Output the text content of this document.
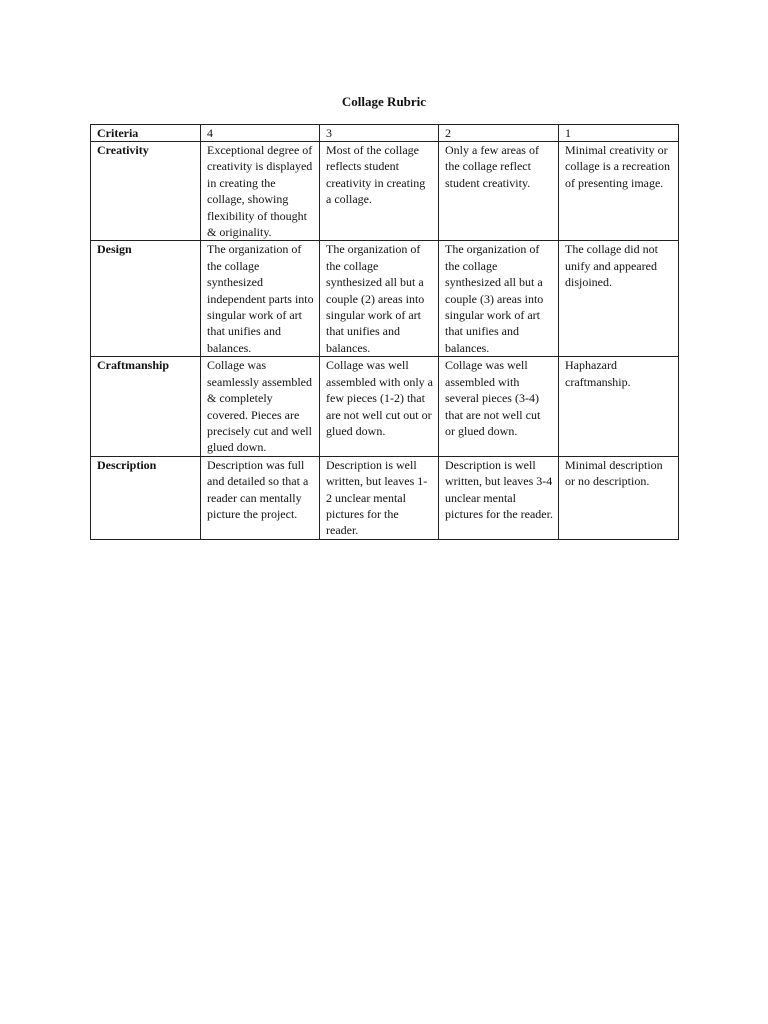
Collage Rubric
Criteria	4	3	2	1
Creativity	Exceptional degree of creativity is displayed in creating the collage, showing flexibility of thought & originality.	Most of the collage reflects student creativity in creating a collage.	Only a few areas of the collage reflect student creativity.	Minimal creativity or collage is a recreation of presenting image.
Design	The organization of the collage synthesized independent parts into singular work of art that unifies and balances.	The organization of the collage synthesized all but a couple (2) areas into singular work of art that unifies and balances.	The organization of the collage synthesized all but a couple (3) areas into singular work of art that unifies and balances.	The collage did not unify and appeared disjoined.
Craftmanship	Collage was seamlessly assembled & completely covered. Pieces are precisely cut and well glued down.	Collage was well assembled with only a few pieces (1-2) that are not well cut out or glued down.	Collage was well assembled with several pieces (3-4) that are not well cut or glued down.	Haphazard craftmanship.
Description	Description was full and detailed so that a reader can mentally picture the project.	Description is well written, but leaves 1-2 unclear mental pictures for the reader.	Description is well written, but leaves 3-4 unclear mental pictures for the reader.	Minimal description or no description.
